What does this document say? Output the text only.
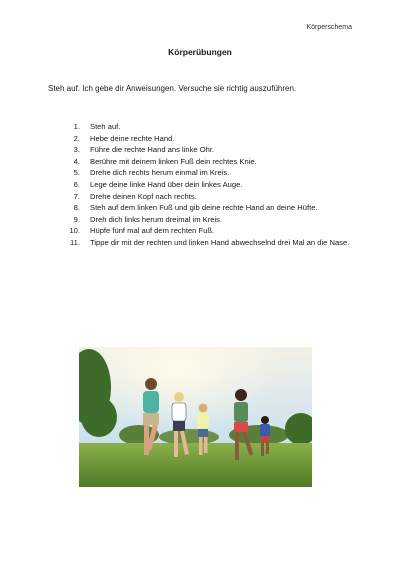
Körperschema
Körperübungen
Steh auf. Ich gebe dir Anweisungen. Versuche sie richtig auszuführen.
1.	Steh auf.
2.	Hebe deine rechte Hand.
3.	Führe die rechte Hand ans linke Ohr.
4.	Berühre mit deinem linken Fuß dein rechtes Knie.
5.	Drehe dich rechts herum einmal im Kreis.
6.	Lege deine linke Hand über dein linkes Auge.
7.	Drehe deinen Kopf nach rechts.
8.	Steh auf dem linken Fuß und gib deine rechte Hand an deine Hüfte.
9.	Dreh dich links herum dreimal im Kreis.
10.	Hüpfe fünf mal auf dem rechten Fuß.
11.	Tippe dir mit der rechten und linken Hand abwechselnd drei Mal an die Nase.
